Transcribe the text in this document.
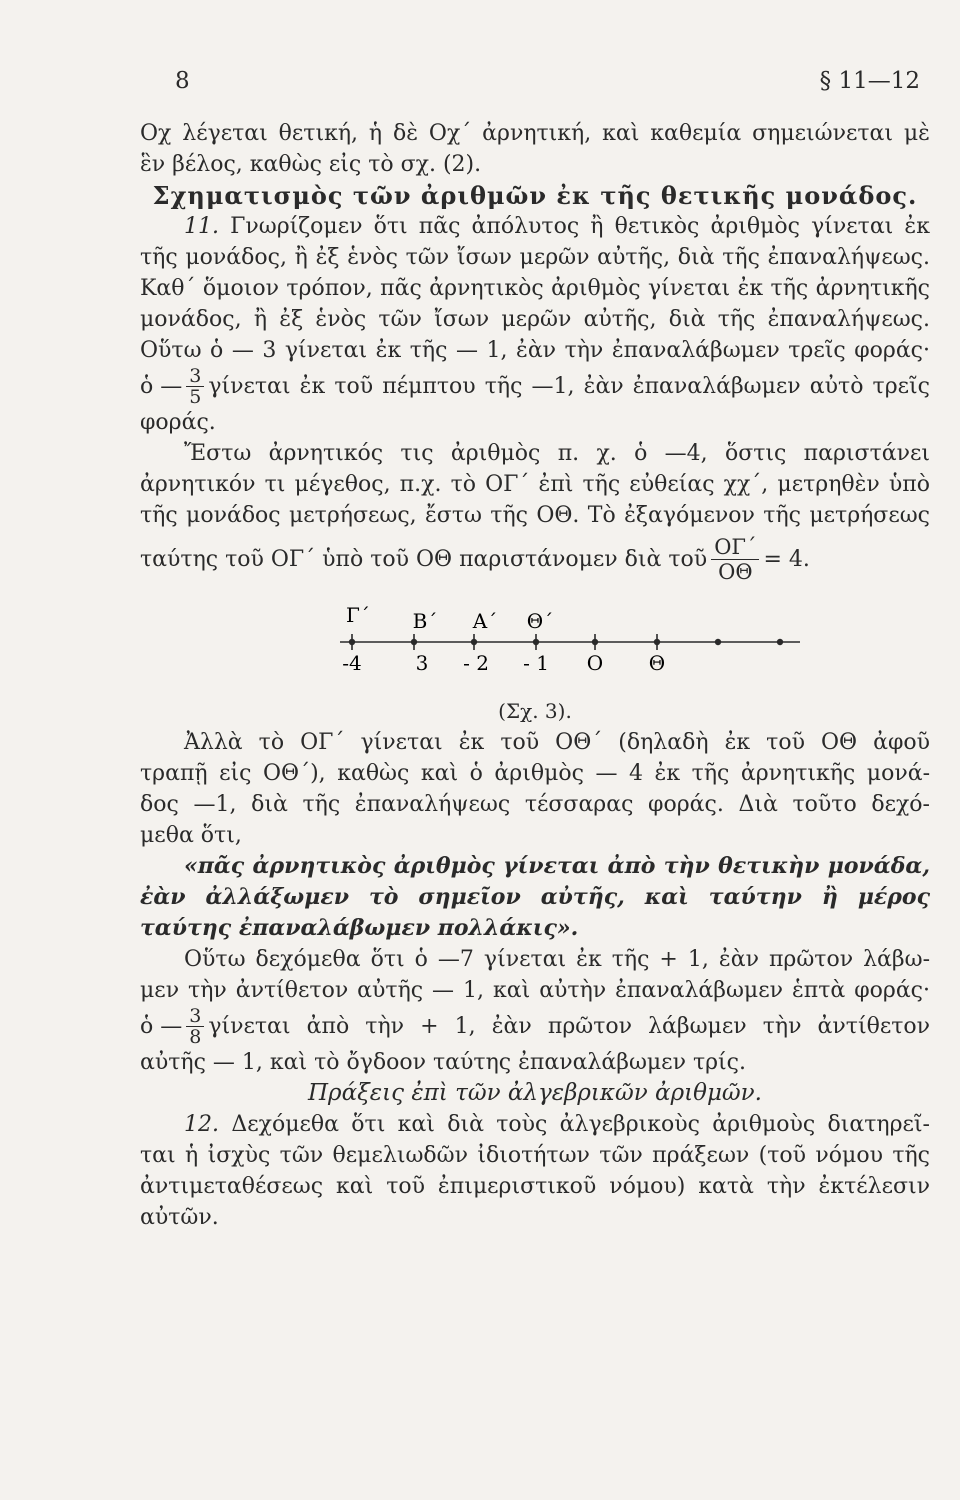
8	§ 11—12

Οχ λέγεται θετική, ἡ δὲ Οχ΄ ἀρνητική, καὶ καθεμία σημειώνεται μὲ

ἓν βέλος, καθὼς εἰς τὸ σχ. (2).

Σχηματισμὸς τῶν ἀριθμῶν ἐκ τῆς θετικῆς μονάδος.

11. Γνωρίζομεν ὅτι πᾶς ἀπόλυτος ἢ θετικὸς ἀριθμὸς γίνεται ἐκ

τῆς μονάδος, ἢ ἐξ ἑνὸς τῶν ἴσων μερῶν αὐτῆς, διὰ τῆς ἐπαναλήψεως.

Καθ΄ ὅμοιον τρόπον, πᾶς ἀρνητικὸς ἀριθμὸς γίνεται ἐκ τῆς ἀρνητικῆς

μονάδος, ἢ ἐξ ἑνὸς τῶν ἴσων μερῶν αὐτῆς, διὰ τῆς ἐπαναλήψεως.

Οὕτω ὁ — 3 γίνεται ἐκ τῆς — 1, ἐὰν τὴν ἐπαναλάβωμεν τρεῖς φοράς·

ὁ — $\frac{3}{5}$ γίνεται ἐκ τοῦ πέμπτου τῆς —1, ἐὰν ἐπαναλάβωμεν αὐτὸ τρεῖς

φοράς.

Ἔστω ἀρνητικός τις ἀριθμὸς π. χ. ὁ —4, ὅστις παριστάνει

ἀρνητικόν τι μέγεθος, π.χ. τὸ ΟΓ΄ ἐπὶ τῆς εὐθείας χχ΄, μετρηθὲν ὑπὸ

τῆς μονάδος μετρήσεως, ἔστω τῆς ΟΘ. Τὸ ἐξαγόμενον τῆς μετρήσεως

ταύτης τοῦ ΟΓ΄ ὑπὸ τοῦ ΟΘ παριστάνομεν διὰ τοῦ $\frac{O\Gamma΄}{O\Theta} = 4$.
Γ΄ Β΄ Α΄ Θ΄
-4	3 - 2 - 1 Ο Θ

(Σχ. 3).

Ἀλλὰ τὸ ΟΓ΄ γίνεται ἐκ τοῦ ΟΘ΄ (δηλαδὴ ἐκ τοῦ ΟΘ ἀφοῦ

τραπῇ εἰς ΟΘ΄), καθὼς καὶ ὁ ἀριθμὸς — 4 ἐκ τῆς ἀρνητικῆς μονά-

δος —1, διὰ τῆς ἐπαναλήψεως τέσσαρας φοράς. Διὰ τοῦτο δεχό-

μεθα ὅτι,

«πᾶς ἀρνητικὸς ἀριθμὸς γίνεται ἀπὸ τὴν θετικὴν μονάδα, ἐὰν ἀλλάξωμεν τὸ σημεῖον αὐτῆς, καὶ ταύτην ἢ μέρος ταύτης ἐπαναλάβωμεν πολλάκις».

Οὕτω δεχόμεθα ὅτι ὁ —7 γίνεται ἐκ τῆς + 1, ἐὰν πρῶτον λάβω-

μεν τὴν ἀντίθετον αὐτῆς — 1, καὶ αὐτὴν ἐπαναλάβωμεν ἑπτὰ φοράς·

ὁ — $\frac{3}{8}$ γίνεται ἀπὸ τὴν + 1, ἐὰν πρῶτον λάβωμεν τὴν ἀντίθετον

αὐτῆς — 1, καὶ τὸ ὄγδοον ταύτης ἐπαναλάβωμεν τρίς.

Πράξεις ἐπὶ τῶν ἀλγεβρικῶν ἀριθμῶν.

12. Δεχόμεθα ὅτι καὶ διὰ τοὺς ἀλγεβρικοὺς ἀριθμοὺς διατηρεῖ-

ται ἡ ἰσχὺς τῶν θεμελιωδῶν ἰδιοτήτων τῶν πράξεων (τοῦ νόμου τῆς

ἀντιμεταθέσεως καὶ τοῦ ἐπιμεριστικοῦ νόμου) κατὰ τὴν ἐκτέλεσιν

αὐτῶν.
